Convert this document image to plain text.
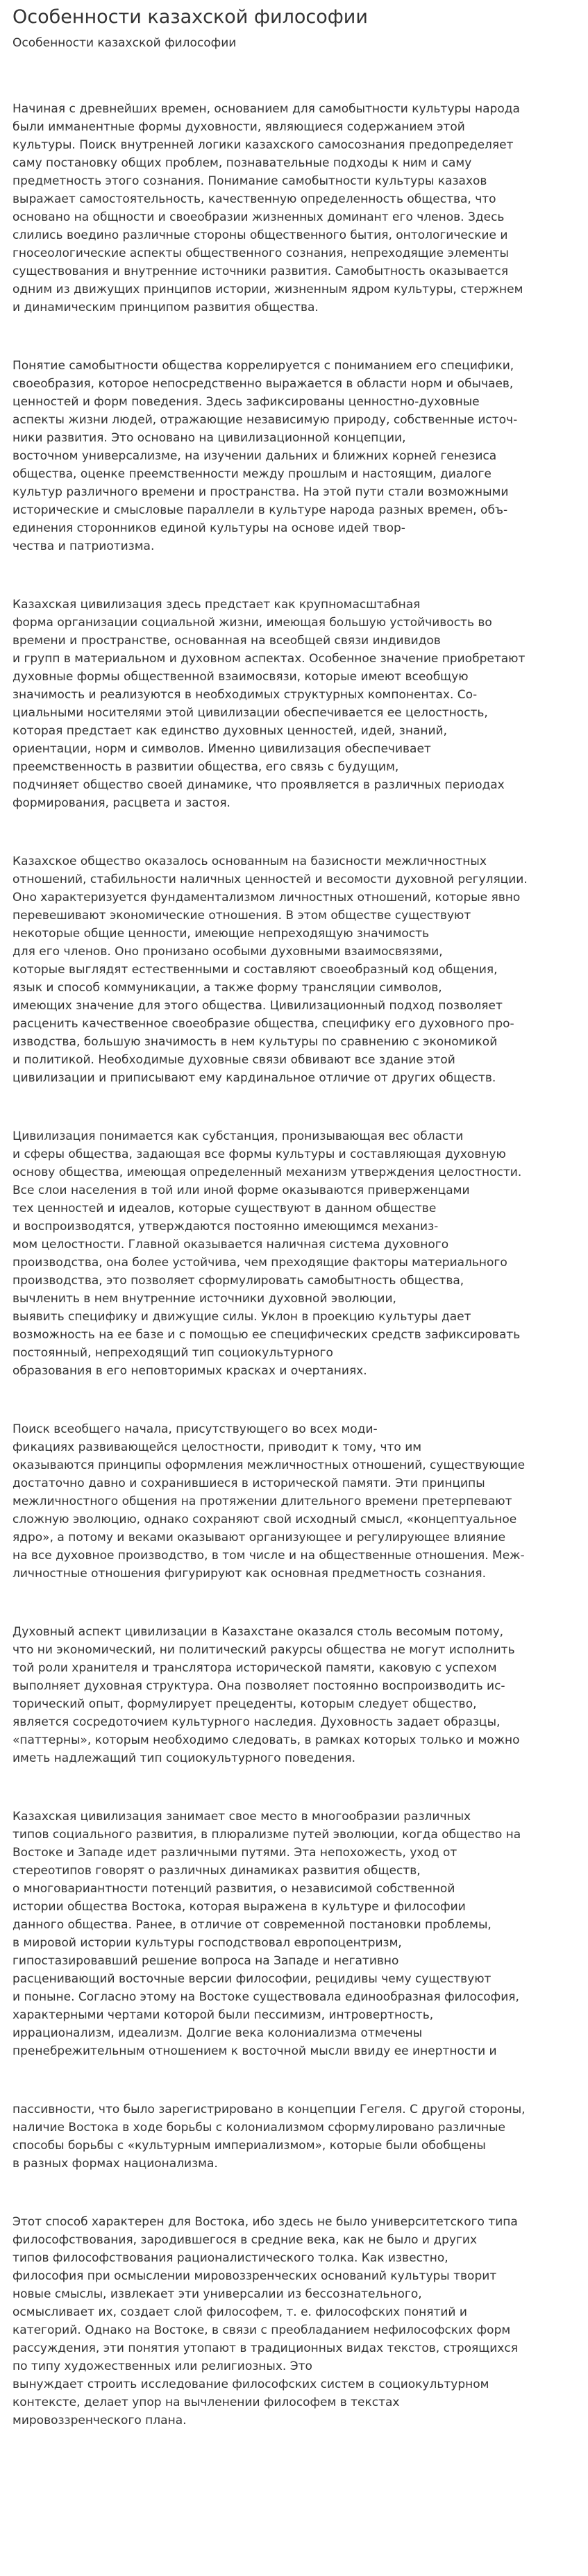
Особенности казахской философии
Особенности казахской философии

Начиная с древнейших времен, основанием для самобытности культуры народа
были имманентные формы духовности, являющиеся содержанием этой
культуры. Поиск внутренней логики казахского самосознания предопределяет
саму постановку общих проблем, познавательные подходы к ним и саму
предметность этого сознания. Понимание самобытности культуры казахов
выражает самостоятельность, качественную определенность общества, что
основано на общности и своеобразии жизненных доминант его членов. Здесь
слились воедино различные стороны общественного бытия, онтологические и
гносеологические аспекты общественного сознания, непреходящие элементы
существования и внутренние источники развития. Самобытность оказывается
одним из движущих принципов истории, жизненным ядром культуры, стержнем
и динамическим принципом развития общества.

Понятие самобытности общества коррелируется с пониманием его специфики,
своеобразия, которое непосредственно выражается в области норм и обычаев,
ценностей и форм поведения. Здесь зафиксированы ценностно-духовные
аспекты жизни людей, отражающие независимую природу, собственные источ-
ники развития. Это основано на цивилизационной концепции,
восточном универсализме, на изучении дальних и ближних корней генезиса
общества, оценке преемственности между прошлым и настоящим, диалоге
культур различного времени и пространства. На этой пути стали возможными
исторические и смысловые параллели в культуре народа разных времен, объ-
единения сторонников единой культуры на основе идей твор-
чества и патриотизма.

Казахская цивилизация здесь предстает как крупномасштабная
форма организации социальной жизни, имеющая большую устойчивость во
времени и пространстве, основанная на всеобщей связи индивидов
и групп в материальном и духовном аспектах. Особенное значение приобретают
духовные формы общественной взаимосвязи, которые имеют всеобщую
значимость и реализуются в необходимых структурных компонентах. Со-
циальными носителями этой цивилизации обеспечивается ее целостность,
которая предстает как единство духовных ценностей, идей, знаний,
ориентации, норм и символов. Именно цивилизация обеспечивает
преемственность в развитии общества, его связь с будущим,
подчиняет общество своей динамике, что проявляется в различных периодах
формирования, расцвета и застоя.

Казахское общество оказалось основанным на базисности межличностных
отношений, стабильности наличных ценностей и весомости духовной регуляции.
Оно характеризуется фундаментализмом личностных отношений, которые явно
перевешивают экономические отношения. В этом обществе существуют
некоторые общие ценности, имеющие непреходящую значимость
для его членов. Оно пронизано особыми духовными взаимосвязями,
которые выглядят естественными и составляют своеобразный код общения,
язык и способ коммуникации, а также форму трансляции символов,
имеющих значение для этого общества. Цивилизационный подход позволяет
расценить качественное своеобразие общества, специфику его духовного про-
изводства, большую значимость в нем культуры по сравнению с экономикой
и политикой. Необходимые духовные связи обвивают все здание этой
цивилизации и приписывают ему кардинальное отличие от других обществ.

Цивилизация понимается как субстанция, пронизывающая вес области
и сферы общества, задающая все формы культуры и составляющая духовную
основу общества, имеющая определенный механизм утверждения целостности.
Все слои населения в той или иной форме оказываются приверженцами
тех ценностей и идеалов, которые существуют в данном обществе
и воспроизводятся, утверждаются постоянно имеющимся механиз-
мом целостности. Главной оказывается наличная система духовного
производства, она более устойчива, чем преходящие факторы материального
производства, это позволяет сформулировать самобытность общества,
вычленить в нем внутренние источники духовной эволюции,
выявить специфику и движущие силы. Уклон в проекцию культуры дает
возможность на ее базе и с помощью ее специфических средств зафиксировать
постоянный, непреходящий тип социокультурного
образования в его неповторимых красках и очертаниях.

Поиск всеобщего начала, присутствующего во всех моди-
фикациях развивающейся целостности, приводит к тому, что им
оказываются принципы оформления межличностных отношений, существующие
достаточно давно и сохранившиеся в исторической памяти. Эти принципы
межличностного общения на протяжении длительного времени претерпевают
сложную эволюцию, однако сохраняют свой исходный смысл, «концептуальное
ядро», а потому и веками оказывают организующее и регулирующее влияние
на все духовное производство, в том числе и на общественные отношения. Меж-
личностные отношения фигурируют как основная предметность сознания.

Духовный аспект цивилизации в Казахстане оказался столь весомым потому,
что ни экономический, ни политический ракурсы общества не могут исполнить
той роли хранителя и транслятора исторической памяти, каковую с успехом
выполняет духовная структура. Она позволяет постоянно воспроизводить ис-
торический опыт, формулирует прецеденты, которым следует общество,
является сосредоточием культурного наследия. Духовность задает образцы,
«паттерны», которым необходимо следовать, в рамках которых только и можно
иметь надлежащий тип социокультурного поведения.

Казахская цивилизация занимает свое место в многообразии различных
типов социального развития, в плюрализме путей эволюции, когда общество на
Востоке и Западе идет различными путями. Эта непохожесть, уход от
стереотипов говорят о различных динамиках развития обществ,
о многовариантности потенций развития, о независимой собственной
истории общества Востока, которая выражена в культуре и философии
данного общества. Ранее, в отличие от современной постановки проблемы,
в мировой истории культуры господствовал европоцентризм,
гипостазировавший решение вопроса на Западе и негативно
расценивающий восточные версии философии, рецидивы чему существуют
и поныне. Согласно этому на Востоке существовала единообразная философия,
характерными чертами которой были пессимизм, интровертность,
иррационализм, идеализм. Долгие века колониализма отмечены
пренебрежительным отношением к восточной мысли ввиду ее инертности и

пассивности, что было зарегистрировано в концепции Гегеля. С другой стороны,
наличие Востока в ходе борьбы с колониализмом сформулировано различные
способы борьбы с «культурным империализмом», которые были обобщены
в разных формах национализма.

Этот способ характерен для Востока, ибо здесь не было университетского типа
философствования, зародившегося в средние века, как не было и других
типов философствования рационалистического толка. Как известно,
философия при осмыслении мировоззренческих оснований культуры творит
новые смыслы, извлекает эти универсалии из бессознательного,
осмысливает их, создает слой философем, т. е. философских понятий и
категорий. Однако на Востоке, в связи с преобладанием нефилософских форм
рассуждения, эти понятия утопают в традиционных видах текстов, строящихся
по типу художественных или религиозных. Это
вынуждает строить исследование философских систем в социокультурном
контексте, делает упор на вычленении философем в текстах
мировоззренческого плана.
